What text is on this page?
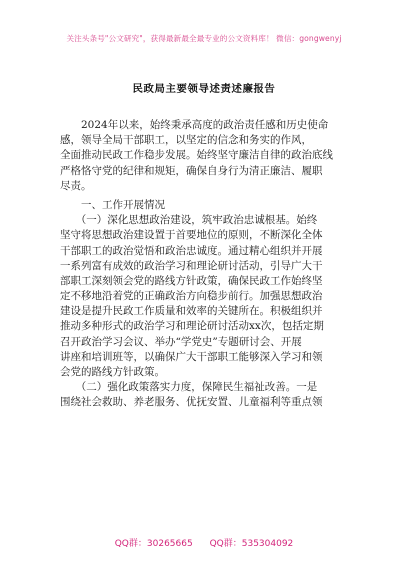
关注头条号"公文研究"，获得最新最全最专业的公文资料库！ 微信：gongwenyj
民政局主要领导述责述廉报告
　　2024年以来，始终秉承高度的政治责任感和历史使命
感，领导全局干部职工，以坚定的信念和务实的作风，
全面推动民政工作稳步发展。始终坚守廉洁自律的政治底线
严格恪守党的纪律和规矩，确保自身行为清正廉洁、履职
尽责。
　　一、工作开展情况
　　（一）深化思想政治建设，筑牢政治忠诚根基。始终
坚守将思想政治建设置于首要地位的原则，不断深化全体
干部职工的政治觉悟和政治忠诚度。通过精心组织并开展
一系列富有成效的政治学习和理论研讨活动，引导广大干
部职工深刻领会党的路线方针政策，确保民政工作始终坚
定不移地沿着党的正确政治方向稳步前行。加强思想政治
建设是提升民政工作质量和效率的关键所在。积极组织并
推动多种形式的政治学习和理论研讨活动xx次，包括定期
召开政治学习会议、举办“学党史”专题研讨会、开展
讲座和培训班等，以确保广大干部职工能够深入学习和领
会党的路线方针政策。
　　（二）强化政策落实力度，保障民生福祉改善。一是
围绕社会救助、养老服务、优抚安置、儿童福利等重点领
QQ群：30265665 QQ群：535304092
